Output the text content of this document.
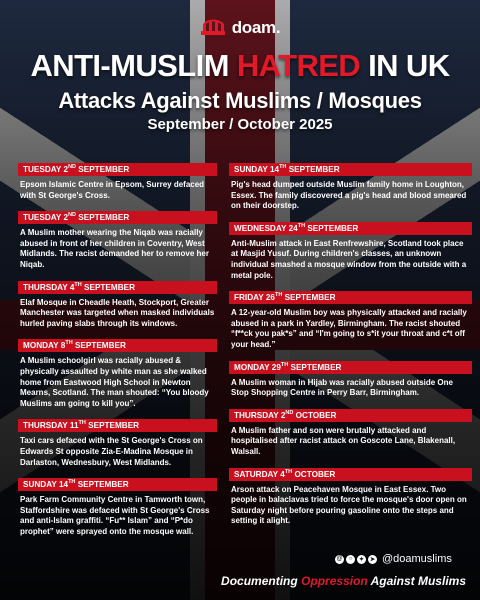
doam.
ANTI-MUSLIM HATRED IN UK
Attacks Against Muslims / Mosques
September / October 2025
TUESDAY 2ND SEPTEMBER
Epsom Islamic Centre in Epsom, Surrey defaced with St George's Cross.
TUESDAY 2ND SEPTEMBER
A Muslim mother wearing the Niqab was racially abused in front of her children in Coventry, West Midlands. The racist demanded her to remove her Niqab.
THURSDAY 4TH SEPTEMBER
Elaf Mosque in Cheadle Heath, Stockport, Greater Manchester was targeted when masked individuals hurled paving slabs through its windows.
MONDAY 8TH SEPTEMBER
A Muslim schoolgirl was racially abused & physically assaulted by white man as she walked home from Eastwood High School in Newton Mearns, Scotland. The man shouted: “You bloody Muslims am going to kill you”.
THURSDAY 11TH SEPTEMBER
Taxi cars defaced with the St George's Cross on Edwards St opposite Zia-E-Madina Mosque in Darlaston, Wednesbury, West Midlands.
SUNDAY 14TH SEPTEMBER
Park Farm Community Centre in Tamworth town, Staffordshire was defaced with St George's Cross and anti-Islam graffiti. “Fu** Islam” and “P*do prophet” were sprayed onto the mosque wall.
SUNDAY 14TH SEPTEMBER
Pig's head dumped outside Muslim family home in Loughton, Essex. The family discovered a pig's head and blood smeared on their doorstep.
WEDNESDAY 24TH SEPTEMBER
Anti-Muslim attack in East Renfrewshire, Scotland took place at Masjid Yusuf. During children's classes, an unknown individual smashed a mosque window from the outside with a metal pole.
FRIDAY 26TH SEPTEMBER
A 12-year-old Muslim boy was physically attacked and racially abused in a park in Yardley, Birmingham. The racist shouted “f**ck you pak*s” and “I'm going to s*it your throat and c*t off your head.”
MONDAY 29TH SEPTEMBER
A Muslim woman in Hijab was racially abused outside One Stop Shopping Centre in Perry Barr, Birmingham.
THURSDAY 2ND OCTOBER
A Muslim father and son were brutally attacked and hospitalised after racist attack on Goscote Lane, Blakenall, Walsall.
SATURDAY 4TH OCTOBER
Arson attack on Peacehaven Mosque in East Essex. Two people in balaclavas tried to force the mosque's door open on Saturday night before pouring gasoline onto the steps and setting it alight.
@	○	✦ ➤ @doamuslims
Documenting Oppression Against Muslims
